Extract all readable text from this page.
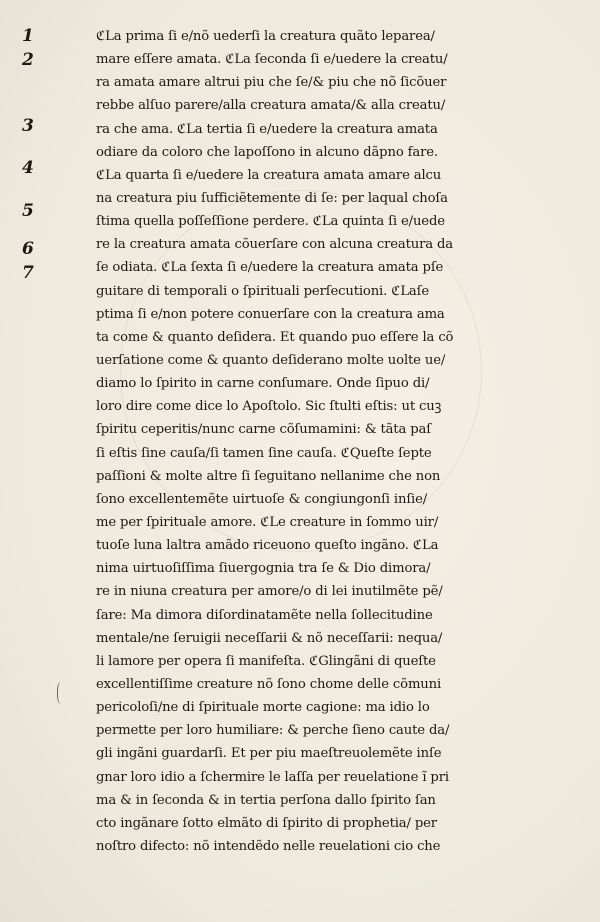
1
2
3
4
5
6
7
ℭLa prima ſi e/nõ uederſi la creatura quãto leparea/
mare eſſere amata. ℭLa ſeconda ſi e/uedere la creatu/
ra amata amare altrui piu che ſe/& piu che nõ ſicõuer
rebbe alſuo parere/alla creatura amata/& alla creatu/
ra che ama. ℭLa tertia ſi e/uedere la creatura amata
odiare da coloro che lapoſſono in alcuno dãpno fare.
ℭLa quarta ſi e/uedere la creatura amata amare alcu
na creatura piu ſufficiẽtemente di ſe: per laqual choſa
ſtima quella poſſeſſione perdere. ℭLa quinta ſi e/uede
re la creatura amata cõuerſare con alcuna creatura da
ſe odiata. ℭLa ſexta ſi e/uedere la creatura amata pſe
guitare di temporali o ſpirituali perſecutioni. ℭLaſe
ptima ſi e/non potere conuerſare con la creatura ama
ta come & quanto deſidera. Et quando puo eſſere la cõ
uerſatione come & quanto deſiderano molte uolte ue/
diamo lo ſpirito in carne conſumare. Onde ſipuo di/
loro dire come dice lo Apoſtolo. Sic ſtulti eſtis: ut cuꝫ
ſpiritu ceperitis/nunc carne cõſumamini: & tãta paſ
ſi eſtis ſine cauſa/ſi tamen ſine cauſa. ℭQueſte ſepte
paſſioni & molte altre ſi ſeguitano nellanime che non
ſono excellentemẽte uirtuoſe & congiungonſi inſie/
me per ſpirituale amore. ℭLe creature in ſommo uir/
tuoſe luna laltra amãdo riceuono queſto ingãno. ℭLa
nima uirtuoſiſſima ſiuergognia tra ſe & Dio dimora/
re in niuna creatura per amore/o di lei inutilmẽte pẽ/
ſare: Ma dimora diſordinatamẽte nella ſollecitudine
mentale/ne ſeruigii neceſſarii & nõ neceſſarii: nequa/
li lamore per opera ſi manifeſta. ℭGlingãni di queſte
excellentiſſime creature nõ ſono chome delle cõmuni
pericoloſi/ne di ſpirituale morte cagione: ma idio lo
permette per loro humiliare: & perche ſieno caute da/
gli ingãni guardarſi. Et per piu maeſtreuolemẽte inſe
gnar loro idio a ſchermire le laſſa per reuelatione ĩ pri
ma & in ſeconda & in tertia perſona dallo ſpirito ſan
cto ingãnare ſotto elmãto di ſpirito di prophetia/ per
noſtro difecto: nõ intendẽdo nelle reuelationi cio che
